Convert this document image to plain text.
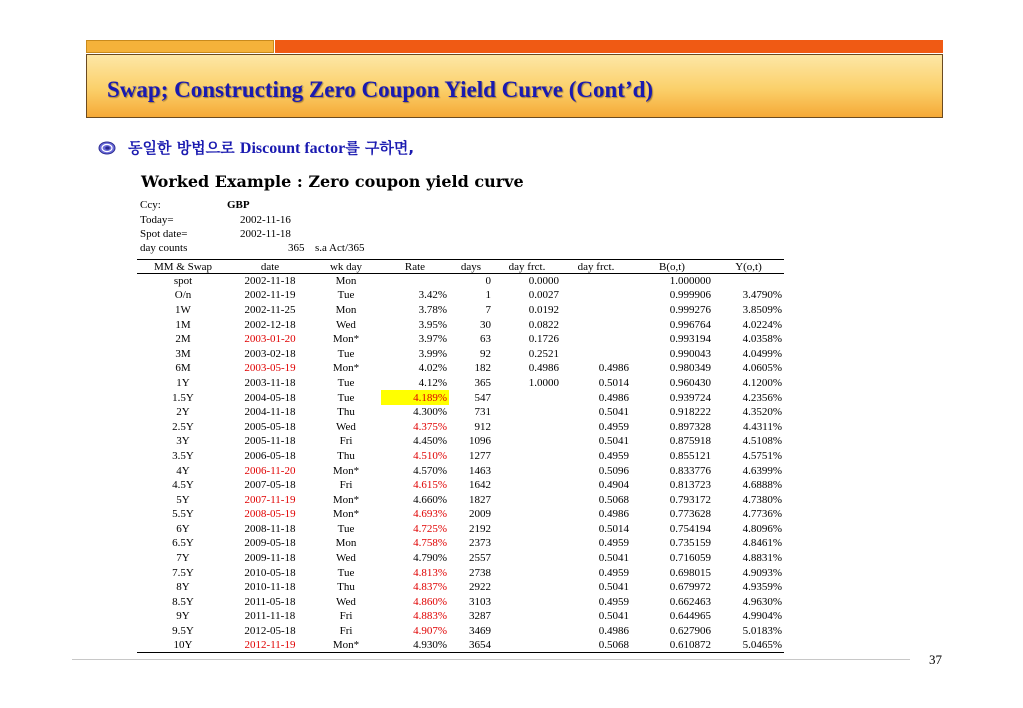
Swap; Constructing Zero Coupon Yield Curve (Cont’d)
동일한 방법으로 Discount factor를 구하면,
Worked Example : Zero coupon yield curve
Ccy:	GBP
Today=	2002-11-16
Spot date=	2002-11-18
day counts	365 s.a Act/365
MM & Swap	date	wk day	Rate	days	day frct.	day frct.	B(o,t)	Y(o,t)
spot	2002-11-18	Mon		0	0.0000		1.000000	
O/n	2002-11-19	Tue	3.42%	1	0.0027		0.999906	3.4790%
1W	2002-11-25	Mon	3.78%	7	0.0192		0.999276	3.8509%
1M	2002-12-18	Wed	3.95%	30	0.0822		0.996764	4.0224%
2M	2003-01-20	Mon*	3.97%	63	0.1726		0.993194	4.0358%
3M	2003-02-18	Tue	3.99%	92	0.2521		0.990043	4.0499%
6M	2003-05-19	Mon*	4.02%	182	0.4986	0.4986	0.980349	4.0605%
1Y	2003-11-18	Tue	4.12%	365	1.0000	0.5014	0.960430	4.1200%
1.5Y	2004-05-18	Tue	4.189%	547		0.4986	0.939724	4.2356%
2Y	2004-11-18	Thu	4.300%	731		0.5041	0.918222	4.3520%
2.5Y	2005-05-18	Wed	4.375%	912		0.4959	0.897328	4.4311%
3Y	2005-11-18	Fri	4.450%	1096		0.5041	0.875918	4.5108%
3.5Y	2006-05-18	Thu	4.510%	1277		0.4959	0.855121	4.5751%
4Y	2006-11-20	Mon*	4.570%	1463		0.5096	0.833776	4.6399%
4.5Y	2007-05-18	Fri	4.615%	1642		0.4904	0.813723	4.6888%
5Y	2007-11-19	Mon*	4.660%	1827		0.5068	0.793172	4.7380%
5.5Y	2008-05-19	Mon*	4.693%	2009		0.4986	0.773628	4.7736%
6Y	2008-11-18	Tue	4.725%	2192		0.5014	0.754194	4.8096%
6.5Y	2009-05-18	Mon	4.758%	2373		0.4959	0.735159	4.8461%
7Y	2009-11-18	Wed	4.790%	2557		0.5041	0.716059	4.8831%
7.5Y	2010-05-18	Tue	4.813%	2738		0.4959	0.698015	4.9093%
8Y	2010-11-18	Thu	4.837%	2922		0.5041	0.679972	4.9359%
8.5Y	2011-05-18	Wed	4.860%	3103		0.4959	0.662463	4.9630%
9Y	2011-11-18	Fri	4.883%	3287		0.5041	0.644965	4.9904%
9.5Y	2012-05-18	Fri	4.907%	3469		0.4986	0.627906	5.0183%
10Y	2012-11-19	Mon*	4.930%	3654		0.5068	0.610872	5.0465%
37
